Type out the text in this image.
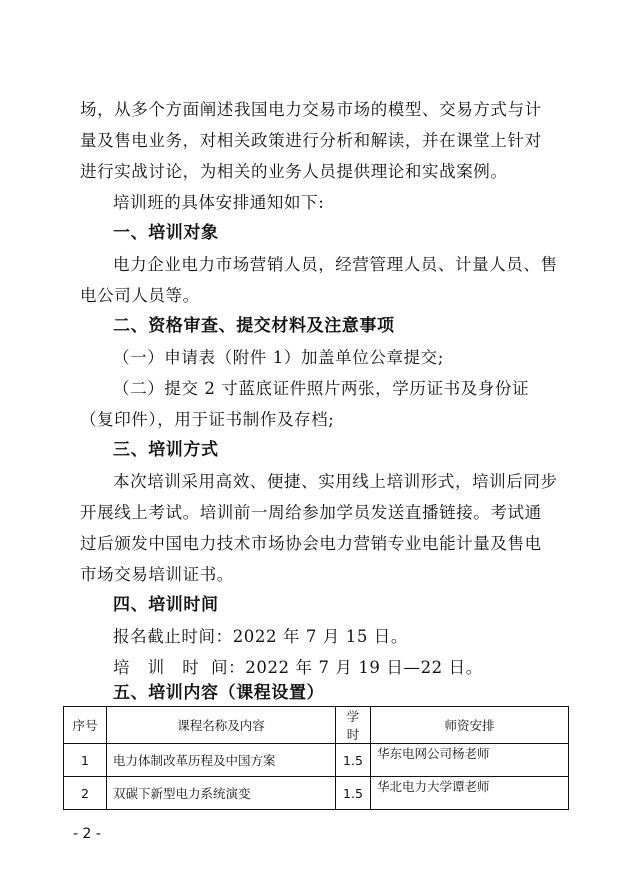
场，从多个方面阐述我国电力交易市场的模型、交易方式与计量及售电业务，对相关政策进行分析和解读，并在课堂上针对进行实战讨论，为相关的业务人员提供理论和实战案例。

培训班的具体安排通知如下:

一、培训对象

电力企业电力市场营销人员，经营管理人员、计量人员、售电公司人员等。

二、资格审查、提交材料及注意事项

（一）申请表（附件 1）加盖单位公章提交;

（二）提交 2 寸蓝底证件照片两张，学历证书及身份证（复印件），用于证书制作及存档;

三、培训方式

本次培训采用高效、便捷、实用线上培训形式，培训后同步开展线上考试。培训前一周给参加学员发送直播链接。考试通过后颁发中国电力技术市场协会电力营销专业电能计量及售电市场交易培训证书。

四、培训时间

报名截止时间：2022 年 7 月 15 日。

培   训   时  间：2022 年 7 月 19 日—22 日。

五、培训内容（课程设置）

序号	课程名称及内容	学时	师资安排
1	电力体制改革历程及中国方案	1.5	华东电网公司杨老师
2	双碳下新型电力系统演变	1.5	华北电力大学谭老师
- 2 -
